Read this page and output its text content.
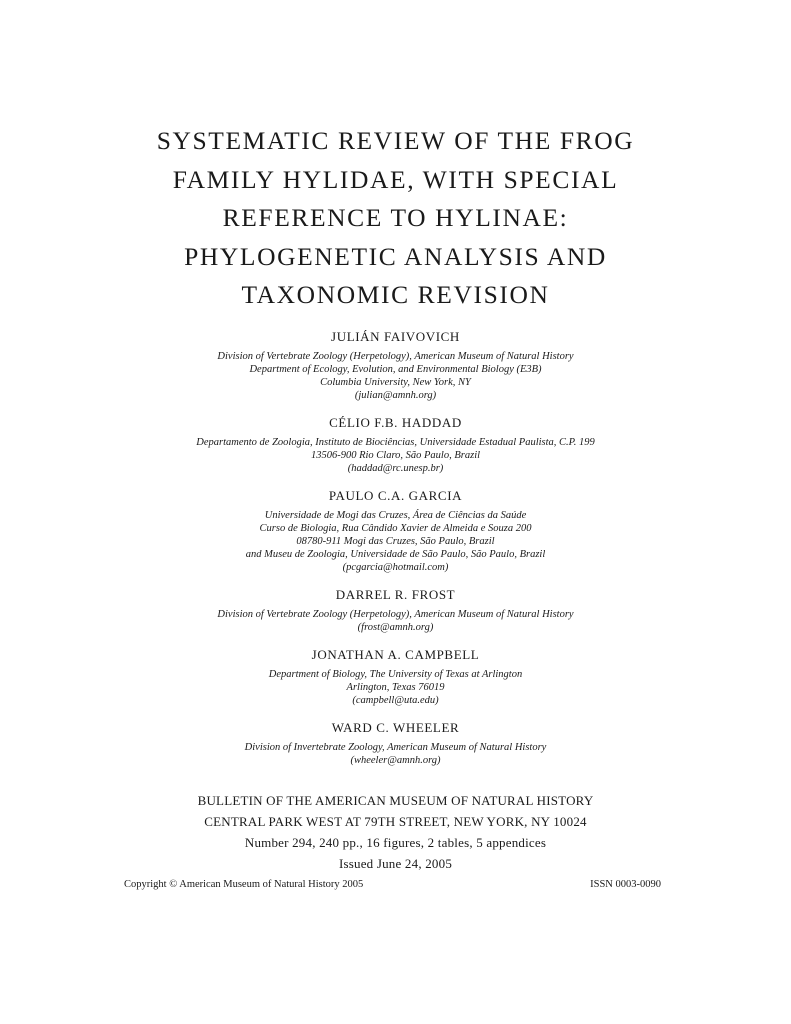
SYSTEMATIC REVIEW OF THE FROG
FAMILY HYLIDAE, WITH SPECIAL
REFERENCE TO HYLINAE:
PHYLOGENETIC ANALYSIS AND
TAXONOMIC REVISION
JULIÁN FAIVOVICH
Division of Vertebrate Zoology (Herpetology), American Museum of Natural History
Department of Ecology, Evolution, and Environmental Biology (E3B)
Columbia University, New York, NY
(julian@amnh.org)
CÉLIO F.B. HADDAD
Departamento de Zoologia, Instituto de Biociências, Universidade Estadual Paulista, C.P. 199
13506-900 Rio Claro, São Paulo, Brazil
(haddad@rc.unesp.br)
PAULO C.A. GARCIA
Universidade de Mogi das Cruzes, Área de Ciências da Saúde
Curso de Biologia, Rua Cândido Xavier de Almeida e Souza 200
08780-911 Mogi das Cruzes, São Paulo, Brazil
and Museu de Zoologia, Universidade de São Paulo, São Paulo, Brazil
(pcgarcia@hotmail.com)
DARREL R. FROST
Division of Vertebrate Zoology (Herpetology), American Museum of Natural History
(frost@amnh.org)
JONATHAN A. CAMPBELL
Department of Biology, The University of Texas at Arlington
Arlington, Texas 76019
(campbell@uta.edu)
WARD C. WHEELER
Division of Invertebrate Zoology, American Museum of Natural History
(wheeler@amnh.org)
BULLETIN OF THE AMERICAN MUSEUM OF NATURAL HISTORY
CENTRAL PARK WEST AT 79TH STREET, NEW YORK, NY 10024
Number 294, 240 pp., 16 figures, 2 tables, 5 appendices
Issued June 24, 2005
Copyright © American Museum of Natural History 2005	ISSN 0003-0090
